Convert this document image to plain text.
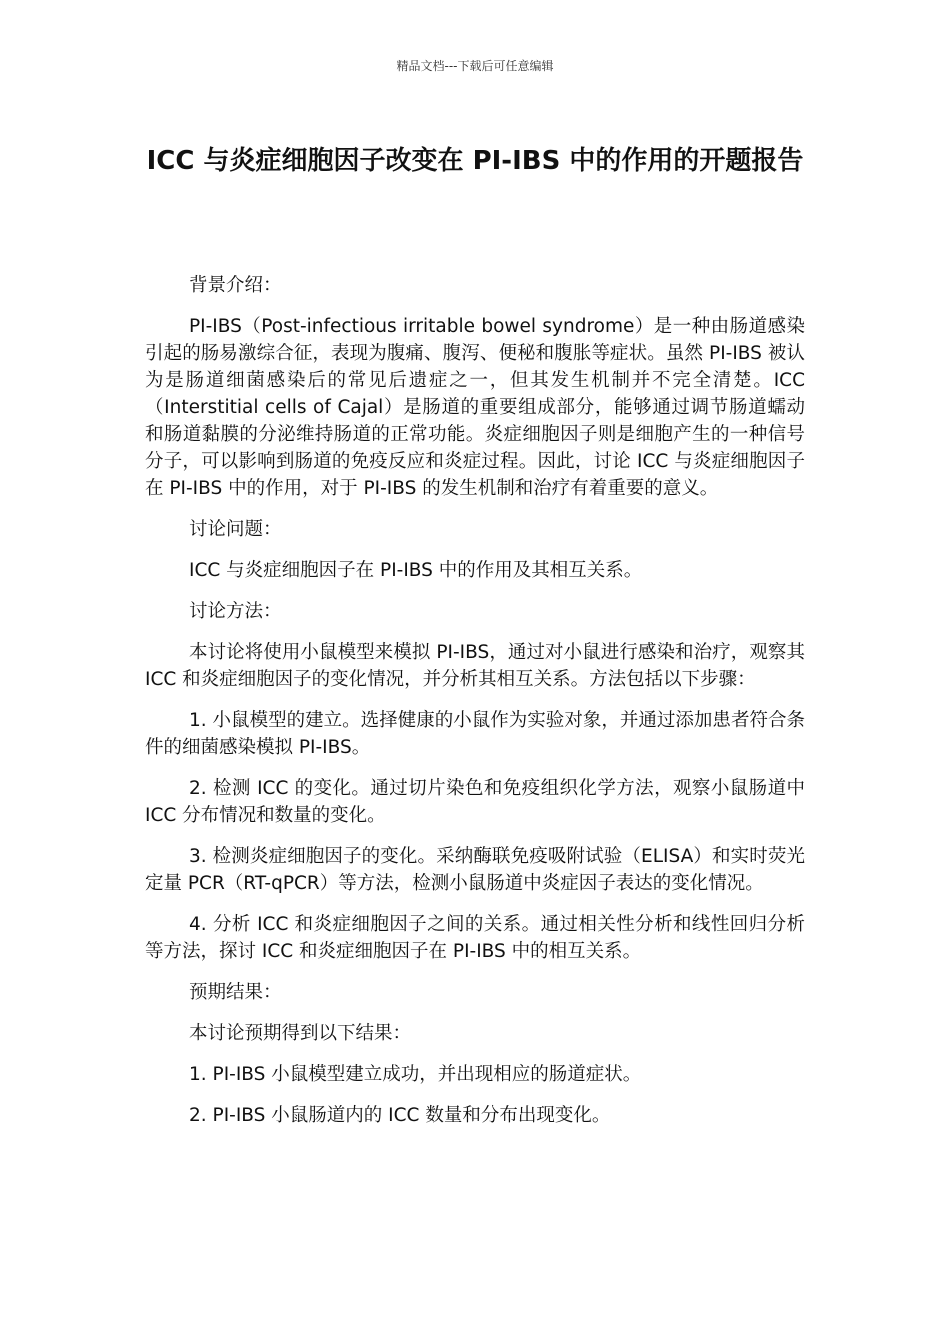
精品文档---下载后可任意编辑
ICC 与炎症细胞因子改变在 PI-IBS 中的作用的开题报告

背景介绍：

PI-IBS（Post-infectious irritable bowel syndrome）是一种由肠道感染引起的肠易激综合征，表现为腹痛、腹泻、便秘和腹胀等症状。虽然 PI-IBS 被认为是肠道细菌感染后的常见后遗症之一，但其发生机制并不完全清楚。ICC（Interstitial cells of Cajal）是肠道的重要组成部分，能够通过调节肠道蠕动和肠道黏膜的分泌维持肠道的正常功能。炎症细胞因子则是细胞产生的一种信号分子，可以影响到肠道的免疫反应和炎症过程。因此，讨论 ICC 与炎症细胞因子在 PI-IBS 中的作用，对于 PI-IBS 的发生机制和治疗有着重要的意义。

讨论问题：

ICC 与炎症细胞因子在 PI-IBS 中的作用及其相互关系。

讨论方法：

本讨论将使用小鼠模型来模拟 PI-IBS，通过对小鼠进行感染和治疗，观察其 ICC 和炎症细胞因子的变化情况，并分析其相互关系。方法包括以下步骤：

1. 小鼠模型的建立。选择健康的小鼠作为实验对象，并通过添加患者符合条件的细菌感染模拟 PI-IBS。

2. 检测 ICC 的变化。通过切片染色和免疫组织化学方法，观察小鼠肠道中 ICC 分布情况和数量的变化。

3. 检测炎症细胞因子的变化。采纳酶联免疫吸附试验（ELISA）和实时荧光定量 PCR（RT-qPCR）等方法，检测小鼠肠道中炎症因子表达的变化情况。

4. 分析 ICC 和炎症细胞因子之间的关系。通过相关性分析和线性回归分析等方法，探讨 ICC 和炎症细胞因子在 PI-IBS 中的相互关系。

预期结果：

本讨论预期得到以下结果：

1. PI-IBS 小鼠模型建立成功，并出现相应的肠道症状。

2. PI-IBS 小鼠肠道内的 ICC 数量和分布出现变化。
